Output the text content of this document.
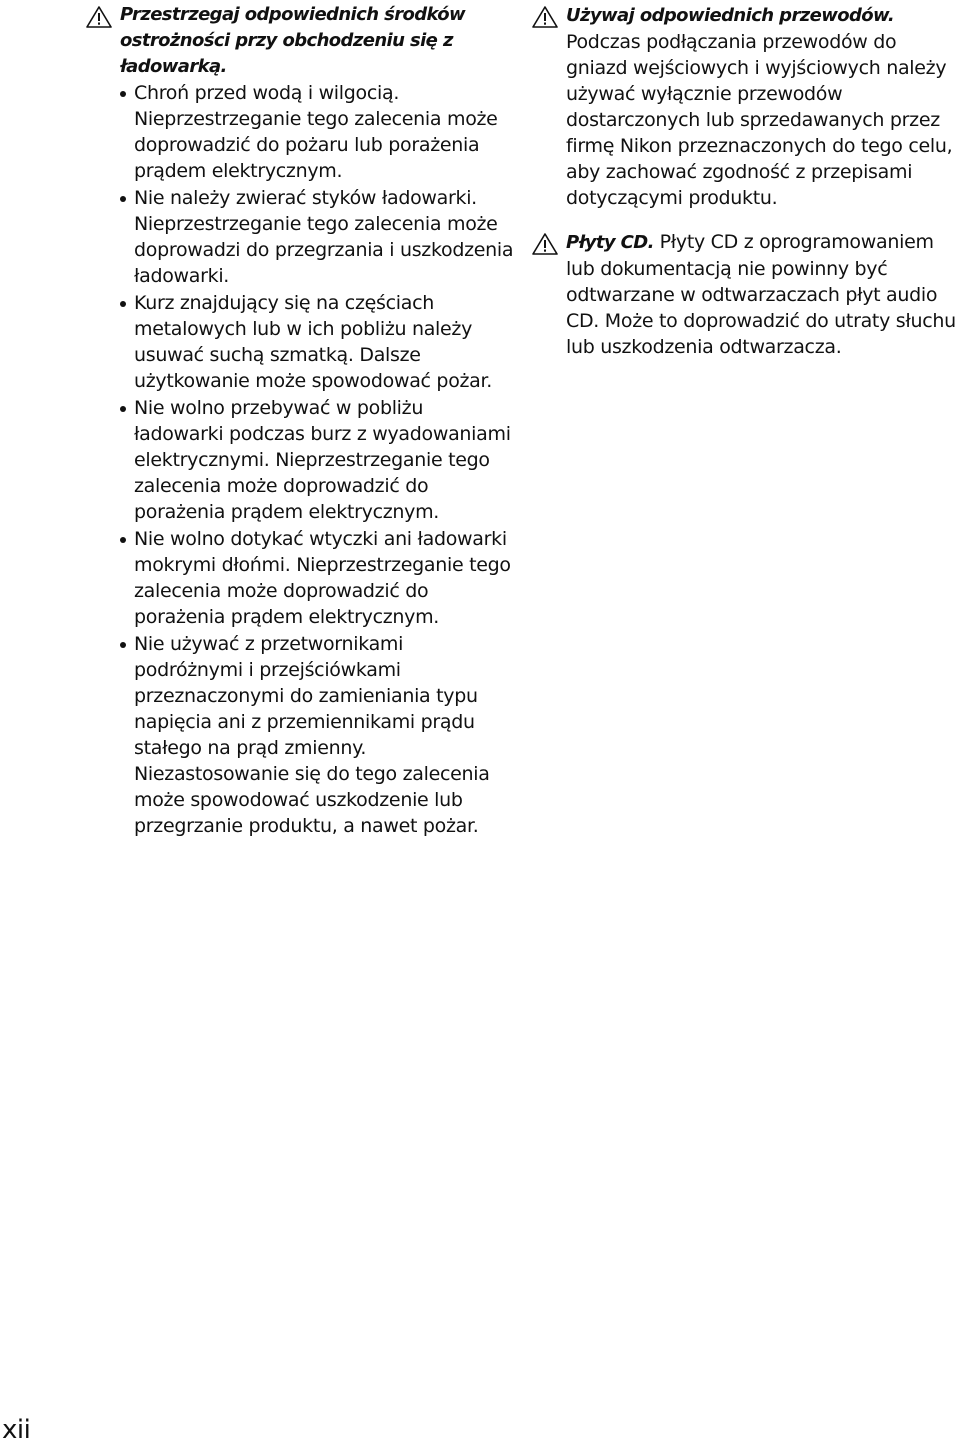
Przestrzegaj odpowiednich środków ostrożności przy obchodzeniu się z ładowarką.
Chroń przed wodą i wilgocią. Nieprzestrzeganie tego zalecenia może doprowadzić do pożaru lub porażenia prądem elektrycznym.
Nie należy zwierać styków ładowarki. Nieprzestrzeganie tego zalecenia może doprowadzi do przegrzania i uszkodzenia ładowarki.
Kurz znajdujący się na częściach metalowych lub w ich pobliżu należy usuwać suchą szmatką. Dalsze użytkowanie może spowodować pożar.
Nie wolno przebywać w pobliżu ładowarki podczas burz z wyadowaniami elektrycznymi. Nieprzestrzeganie tego zalecenia może doprowadzić do porażenia prądem elektrycznym.
Nie wolno dotykać wtyczki ani ładowarki mokrymi dłońmi. Nieprzestrzeganie tego zalecenia może doprowadzić do porażenia prądem elektrycznym.
Nie używać z przetwornikami podróżnymi i przejściówkami przeznaczonymi do zamieniania typu napięcia ani z przemiennikami prądu stałego na prąd zmienny. Niezastosowanie się do tego zalecenia może spowodować uszkodzenie lub przegrzanie produktu, a nawet pożar.
Używaj odpowiednich przewodów. Podczas podłączania przewodów do gniazd wejściowych i wyjściowych należy używać wyłącznie przewodów dostarczonych lub sprzedawanych przez firmę Nikon przeznaczonych do tego celu, aby zachować zgodność z przepisami dotyczącymi produktu.
Płyty CD. Płyty CD z oprogramowaniem lub dokumentacją nie powinny być odtwarzane w odtwarzaczach płyt audio CD. Może to doprowadzić do utraty słuchu lub uszkodzenia odtwarzacza.
xii
